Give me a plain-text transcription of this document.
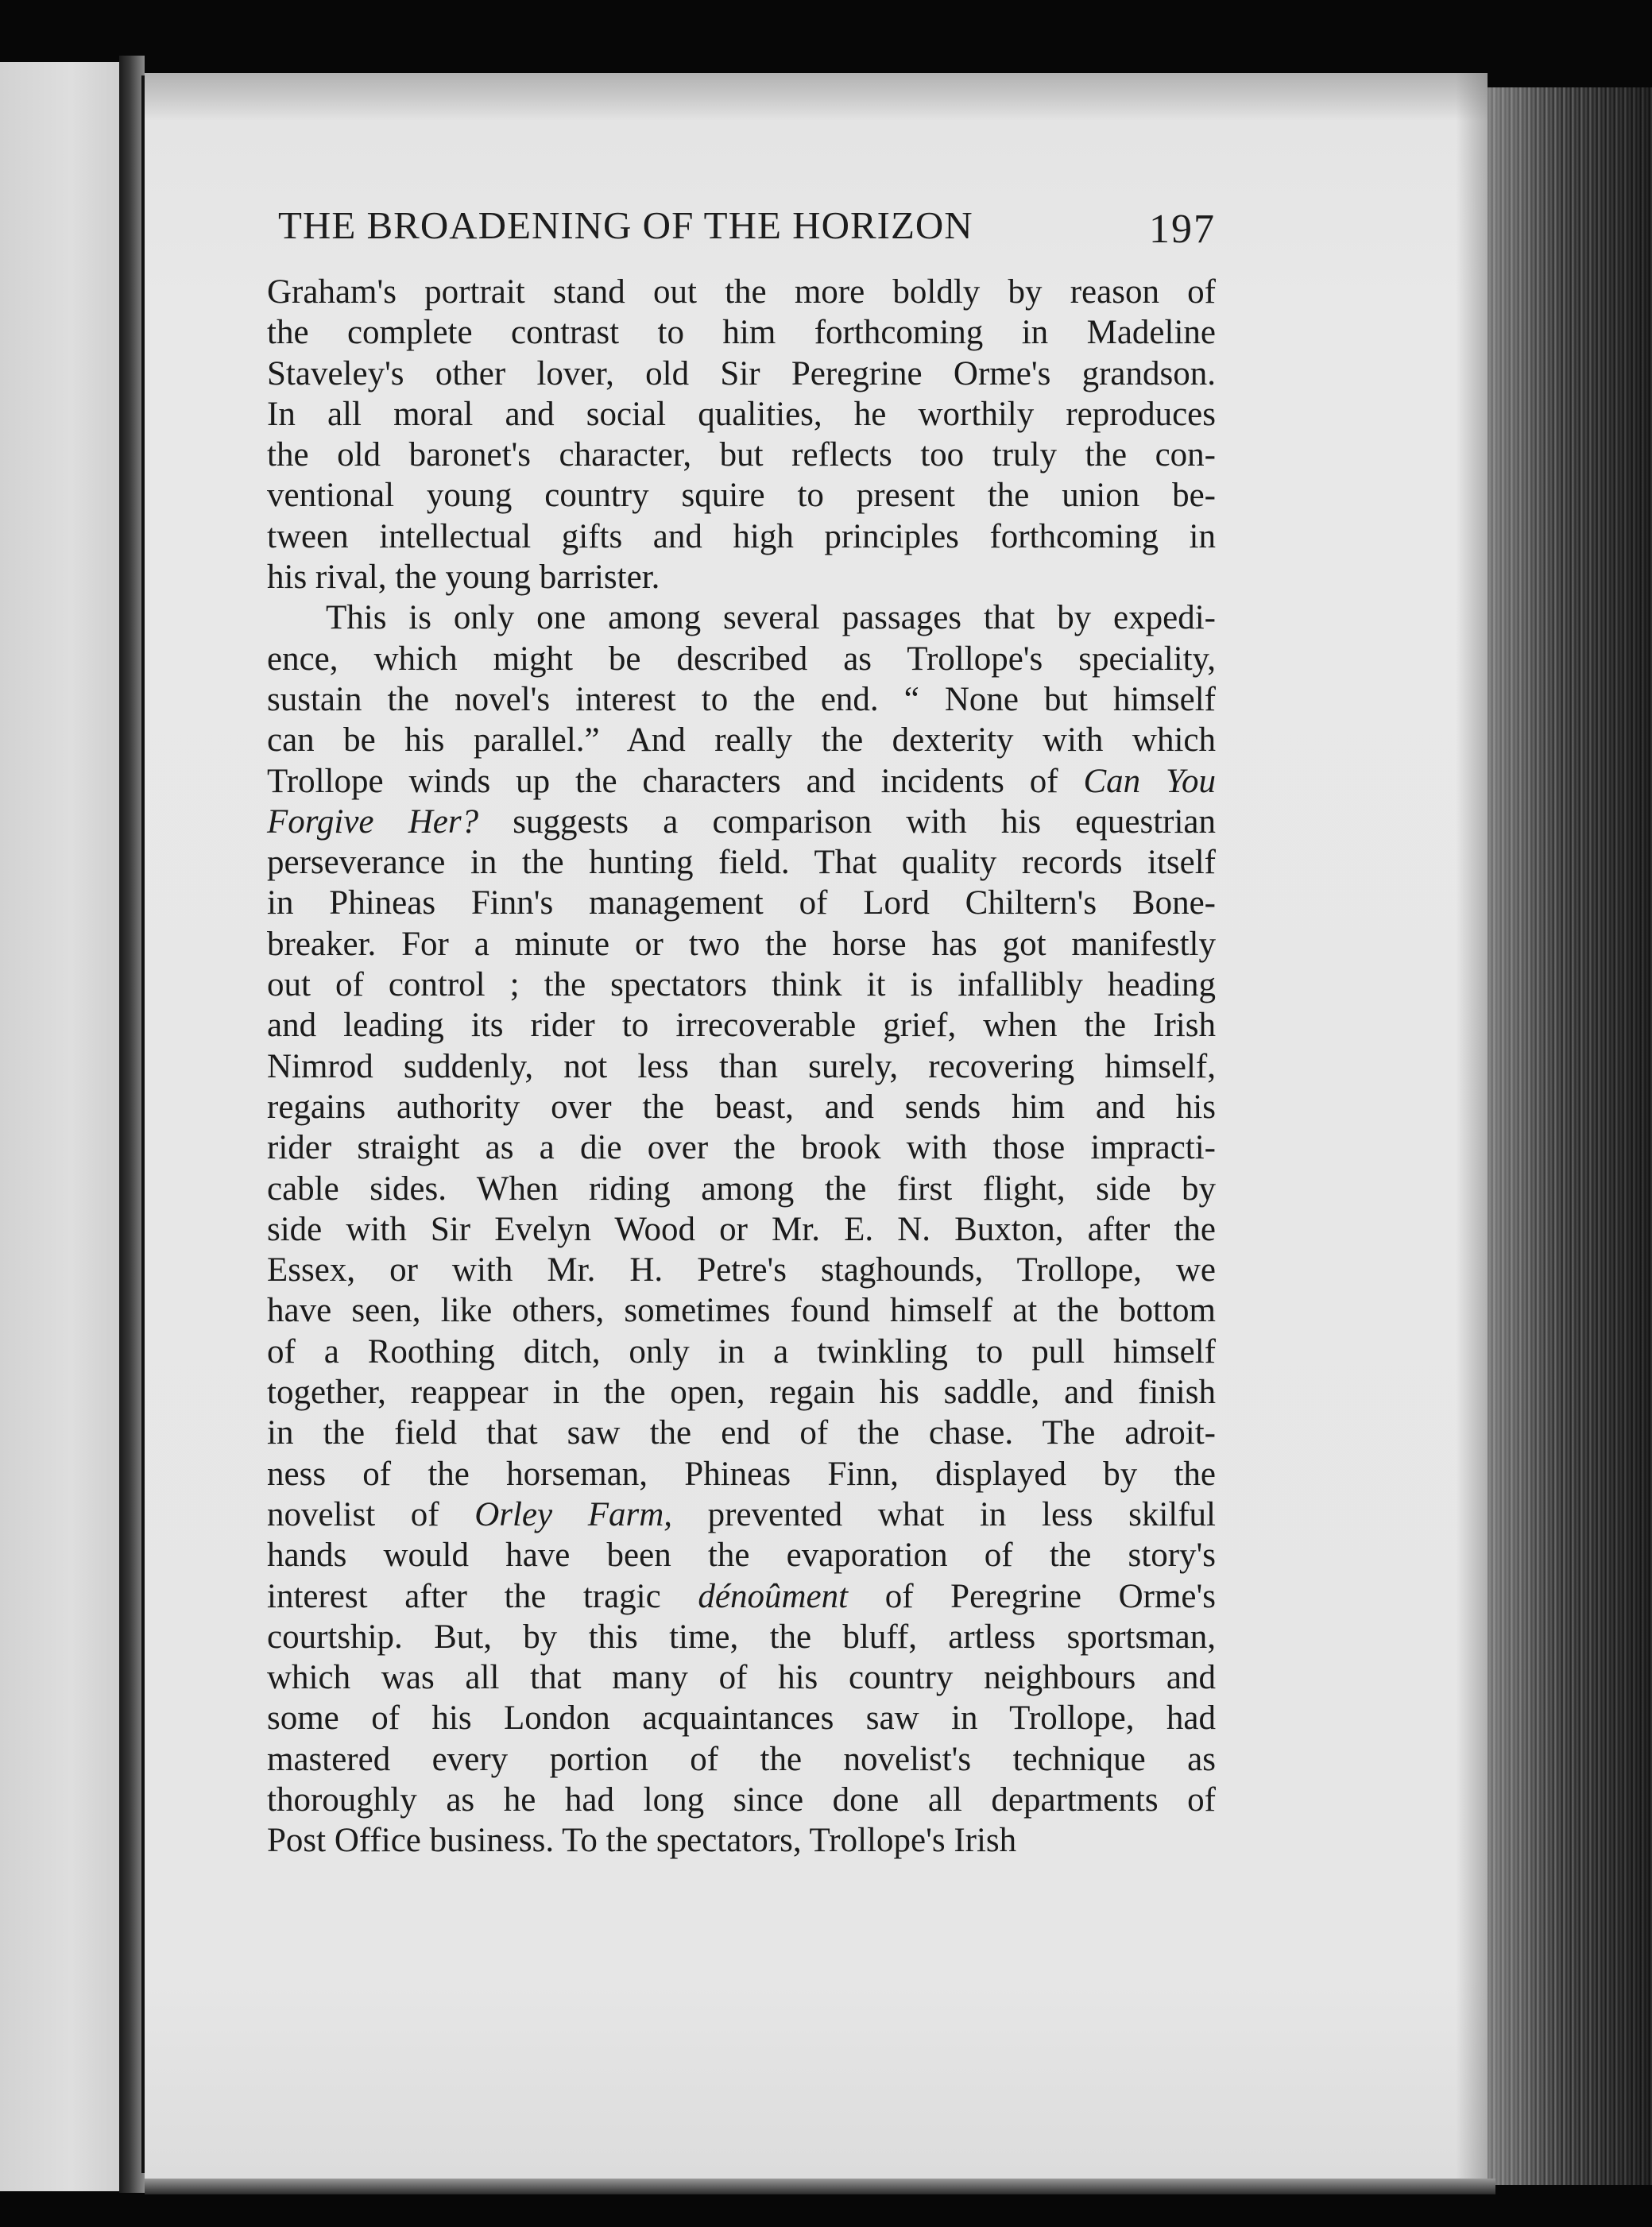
THE BROADENING OF THE HORIZON	197
Graham's portrait stand out the more boldly by reason of
the complete contrast to him forthcoming in Madeline
Staveley's other lover, old Sir Peregrine Orme's grandson.
In all moral and social qualities, he worthily reproduces
the old baronet's character, but reflects too truly the con-
ventional young country squire to present the union be-
tween intellectual gifts and high principles forthcoming in
his rival, the young barrister.
This is only one among several passages that by expedi-
ence, which might be described as Trollope's speciality,
sustain the novel's interest to the end. “ None but himself
can be his parallel.” And really the dexterity with which
Trollope winds up the characters and incidents of Can You
Forgive Her? suggests a comparison with his equestrian
perseverance in the hunting field. That quality records itself
in Phineas Finn's management of Lord Chiltern's Bone-
breaker. For a minute or two the horse has got manifestly
out of control ; the spectators think it is infallibly heading
and leading its rider to irrecoverable grief, when the Irish
Nimrod suddenly, not less than surely, recovering himself,
regains authority over the beast, and sends him and his
rider straight as a die over the brook with those impracti-
cable sides. When riding among the first flight, side by
side with Sir Evelyn Wood or Mr. E. N. Buxton, after the
Essex, or with Mr. H. Petre's staghounds, Trollope, we
have seen, like others, sometimes found himself at the bottom
of a Roothing ditch, only in a twinkling to pull himself
together, reappear in the open, regain his saddle, and finish
in the field that saw the end of the chase. The adroit-
ness of the horseman, Phineas Finn, displayed by the
novelist of Orley Farm, prevented what in less skilful
hands would have been the evaporation of the story's
interest after the tragic dénoûment of Peregrine Orme's
courtship. But, by this time, the bluff, artless sportsman,
which was all that many of his country neighbours and
some of his London acquaintances saw in Trollope, had
mastered every portion of the novelist's technique as
thoroughly as he had long since done all departments of
Post Office business. To the spectators, Trollope's Irish
